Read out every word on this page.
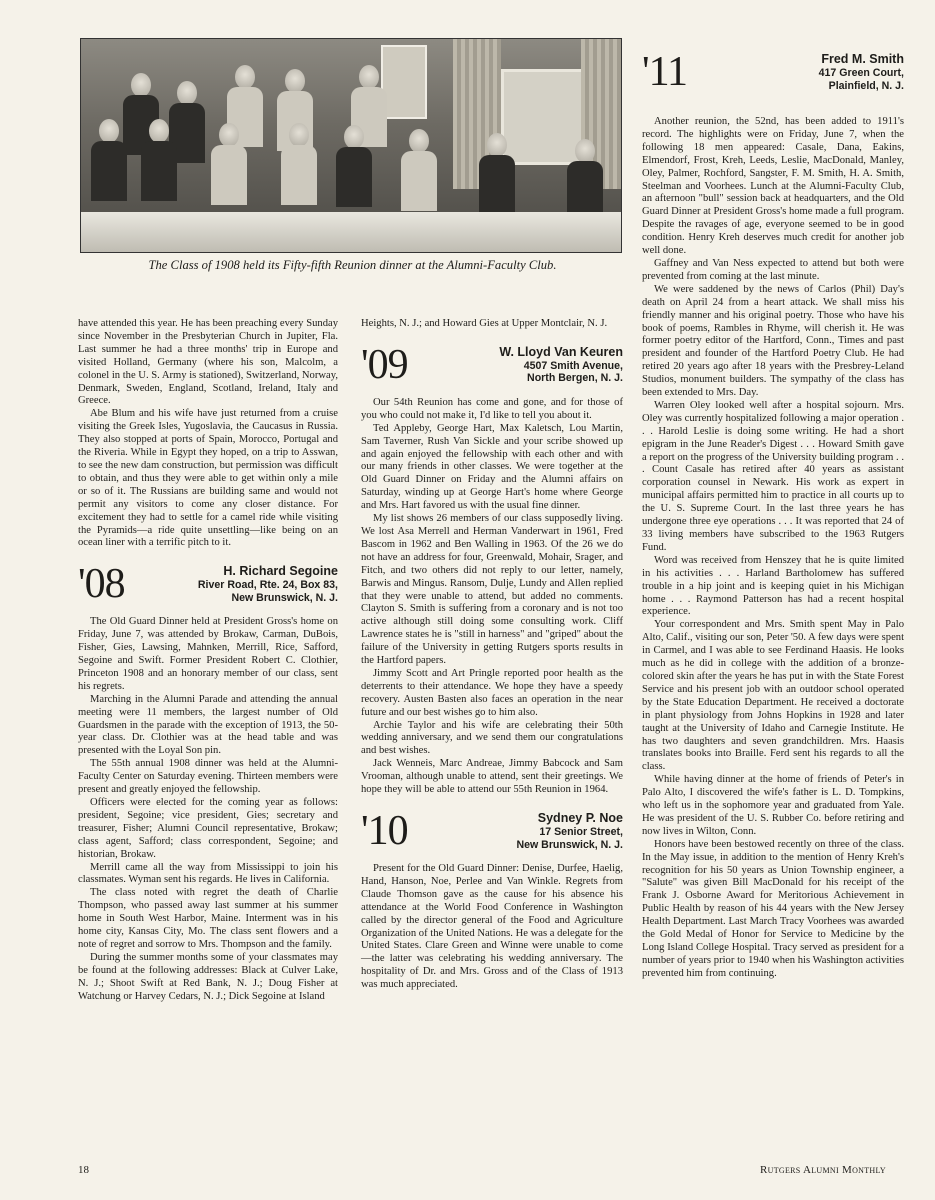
The Class of 1908 held its Fifty-fifth Reunion dinner at the Alumni-Faculty Club.

have attended this year. He has been preaching every Sunday since November in the Presbyterian Church in Jupiter, Fla. Last summer he had a three months' trip in Europe and visited Holland, Germany (where his son, Malcolm, a colonel in the U. S. Army is stationed), Switzerland, Norway, Denmark, Sweden, England, Scotland, Ireland, Italy and Greece.

Abe Blum and his wife have just returned from a cruise visiting the Greek Isles, Yugoslavia, the Caucasus in Russia. They also stopped at ports of Spain, Morocco, Portugal and the Riveria. While in Egypt they hoped, on a trip to Asswan, to see the new dam construction, but permission was difficult to obtain, and thus they were able to get within only a mile or so of it. The Russians are building same and would not permit any visitors to come any closer distance. For excitement they had to settle for a camel ride while visiting the Pyramids—a ride quite unsettling—like being on an ocean liner with a terrific pitch to it.

'08	H. Richard Segoine
River Road, Rte. 24, Box 83,
New Brunswick, N. J.

The Old Guard Dinner held at President Gross's home on Friday, June 7, was attended by Brokaw, Carman, DuBois, Fisher, Gies, Lawsing, Mahnken, Merrill, Rice, Safford, Segoine and Swift. Former President Robert C. Clothier, Princeton 1908 and an honorary member of our class, sent his regrets.

Marching in the Alumni Parade and attending the annual meeting were 11 members, the largest number of Old Guardsmen in the parade with the exception of 1913, the 50-year class. Dr. Clothier was at the head table and was presented with the Loyal Son pin.

The 55th annual 1908 dinner was held at the Alumni-Faculty Center on Saturday evening. Thirteen members were present and greatly enjoyed the fellowship.

Officers were elected for the coming year as follows: president, Segoine; vice president, Gies; secretary and treasurer, Fisher; Alumni Council representative, Brokaw; class agent, Safford; class correspondent, Segoine; and historian, Brokaw.

Merrill came all the way from Mississippi to join his classmates. Wyman sent his regards. He lives in California.

The class noted with regret the death of Charlie Thompson, who passed away last summer at his summer home in South West Harbor, Maine. Interment was in his home city, Kansas City, Mo. The class sent flowers and a note of regret and sorrow to Mrs. Thompson and the family.

During the summer months some of your classmates may be found at the following addresses: Black at Culver Lake, N. J.; Shoot Swift at Red Bank, N. J.; Doug Fisher at Watchung or Harvey Cedars, N. J.; Dick Segoine at Island

Heights, N. J.; and Howard Gies at Upper Montclair, N. J.

'09	W. Lloyd Van Keuren
4507 Smith Avenue,
North Bergen, N. J.

Our 54th Reunion has come and gone, and for those of you who could not make it, I'd like to tell you about it.

Ted Appleby, George Hart, Max Kaletsch, Lou Martin, Sam Taverner, Rush Van Sickle and your scribe showed up and again enjoyed the fellowship with each other and with our many friends in other classes. We were together at the Old Guard Dinner on Friday and the Alumni affairs on Saturday, winding up at George Hart's home where George and Mrs. Hart favored us with the usual fine dinner.

My list shows 26 members of our class supposedly living. We lost Asa Merrell and Herman Vanderwart in 1961, Fred Bascom in 1962 and Ben Walling in 1963. Of the 26 we do not have an address for four, Greenwald, Mohair, Srager, and Fitch, and two others did not reply to our letter, namely, Barwis and Mingus. Ransom, Dulje, Lundy and Allen replied that they were unable to attend, but added no comments. Clayton S. Smith is suffering from a coronary and is not too active although still doing some consulting work. Cliff Lawrence states he is "still in harness" and "griped" about the failure of the University in getting Rutgers sports results in the Hartford papers.

Jimmy Scott and Art Pringle reported poor health as the deterrents to their attendance. We hope they have a speedy recovery. Austen Basten also faces an operation in the near future and our best wishes go to him also.

Archie Taylor and his wife are celebrating their 50th wedding anniversary, and we send them our congratulations and best wishes.

Jack Wenneis, Marc Andreae, Jimmy Babcock and Sam Vrooman, although unable to attend, sent their greetings. We hope they will be able to attend our 55th Reunion in 1964.

'10	Sydney P. Noe
17 Senior Street,
New Brunswick, N. J.

Present for the Old Guard Dinner: Denise, Durfee, Haelig, Hand, Hanson, Noe, Perlee and Van Winkle. Regrets from Claude Thomson gave as the cause for his absence his attendance at the World Food Conference in Washington called by the director general of the Food and Agriculture Organization of the United Nations. He was a delegate for the United States. Clare Green and Winne were unable to come—the latter was celebrating his wedding anniversary. The hospitality of Dr. and Mrs. Gross and of the Class of 1913 was much appreciated.

'11	Fred M. Smith
417 Green Court,
Plainfield, N. J.

Another reunion, the 52nd, has been added to 1911's record. The highlights were on Friday, June 7, when the following 18 men appeared: Casale, Dana, Eakins, Elmendorf, Frost, Kreh, Leeds, Leslie, MacDonald, Manley, Oley, Palmer, Rochford, Sangster, F. M. Smith, H. A. Smith, Steelman and Voorhees. Lunch at the Alumni-Faculty Club, an afternoon "bull" session back at headquarters, and the Old Guard Dinner at President Gross's home made a full program. Despite the ravages of age, everyone seemed to be in good condition. Henry Kreh deserves much credit for another job well done.

Gaffney and Van Ness expected to attend but both were prevented from coming at the last minute.

We were saddened by the news of Carlos (Phil) Day's death on April 24 from a heart attack. We shall miss his friendly manner and his original poetry. Those who have his book of poems, Rambles in Rhyme, will cherish it. He was former poetry editor of the Hartford, Conn., Times and past president and founder of the Hartford Poetry Club. He had retired 20 years ago after 18 years with the Presbrey-Leland Studios, monument builders. The sympathy of the class has been extended to Mrs. Day.

Warren Oley looked well after a hospital sojourn. Mrs. Oley was currently hospitalized following a major operation . . . Harold Leslie is doing some writing. He had a short epigram in the June Reader's Digest . . . Howard Smith gave a report on the progress of the University building program . . . Count Casale has retired after 40 years as assistant corporation counsel in Newark. His work as expert in municipal affairs permitted him to practice in all courts up to the U. S. Supreme Court. In the last three years he has undergone three eye operations . . . It was reported that 24 of 33 living members have subscribed to the 1963 Rutgers Fund.

Word was received from Henszey that he is quite limited in his activities . . . Harland Bartholomew has suffered trouble in a hip joint and is keeping quiet in his Michigan home . . . Raymond Patterson has had a recent hospital experience.

Your correspondent and Mrs. Smith spent May in Palo Alto, Calif., visiting our son, Peter '50. A few days were spent in Carmel, and I was able to see Ferdinand Haasis. He looks much as he did in college with the addition of a bronze-colored skin after the years he has put in with the State Forest Service and his present job with an outdoor school operated by the State Education Department. He received a doctorate in plant physiology from Johns Hopkins in 1928 and later taught at the University of Idaho and Carnegie Institute. He has two daughters and seven grandchildren. Mrs. Haasis translates books into Braille. Ferd sent his regards to all the class.

While having dinner at the home of friends of Peter's in Palo Alto, I discovered the wife's father is L. D. Tompkins, who left us in the sophomore year and graduated from Yale. He was president of the U. S. Rubber Co. before retiring and now lives in Wilton, Conn.

Honors have been bestowed recently on three of the class. In the May issue, in addition to the mention of Henry Kreh's recognition for his 50 years as Union Township engineer, a "Salute" was given Bill MacDonald for his receipt of the Frank J. Osborne Award for Meritorious Achievement in Public Health by reason of his 44 years with the New Jersey Health Department. Last March Tracy Voorhees was awarded the Gold Medal of Honor for Service to Medicine by the Long Island College Hospital. Tracy served as president for a number of years prior to 1940 when his Washington activities prevented him from continuing.

18	Rutgers Alumni Monthly
